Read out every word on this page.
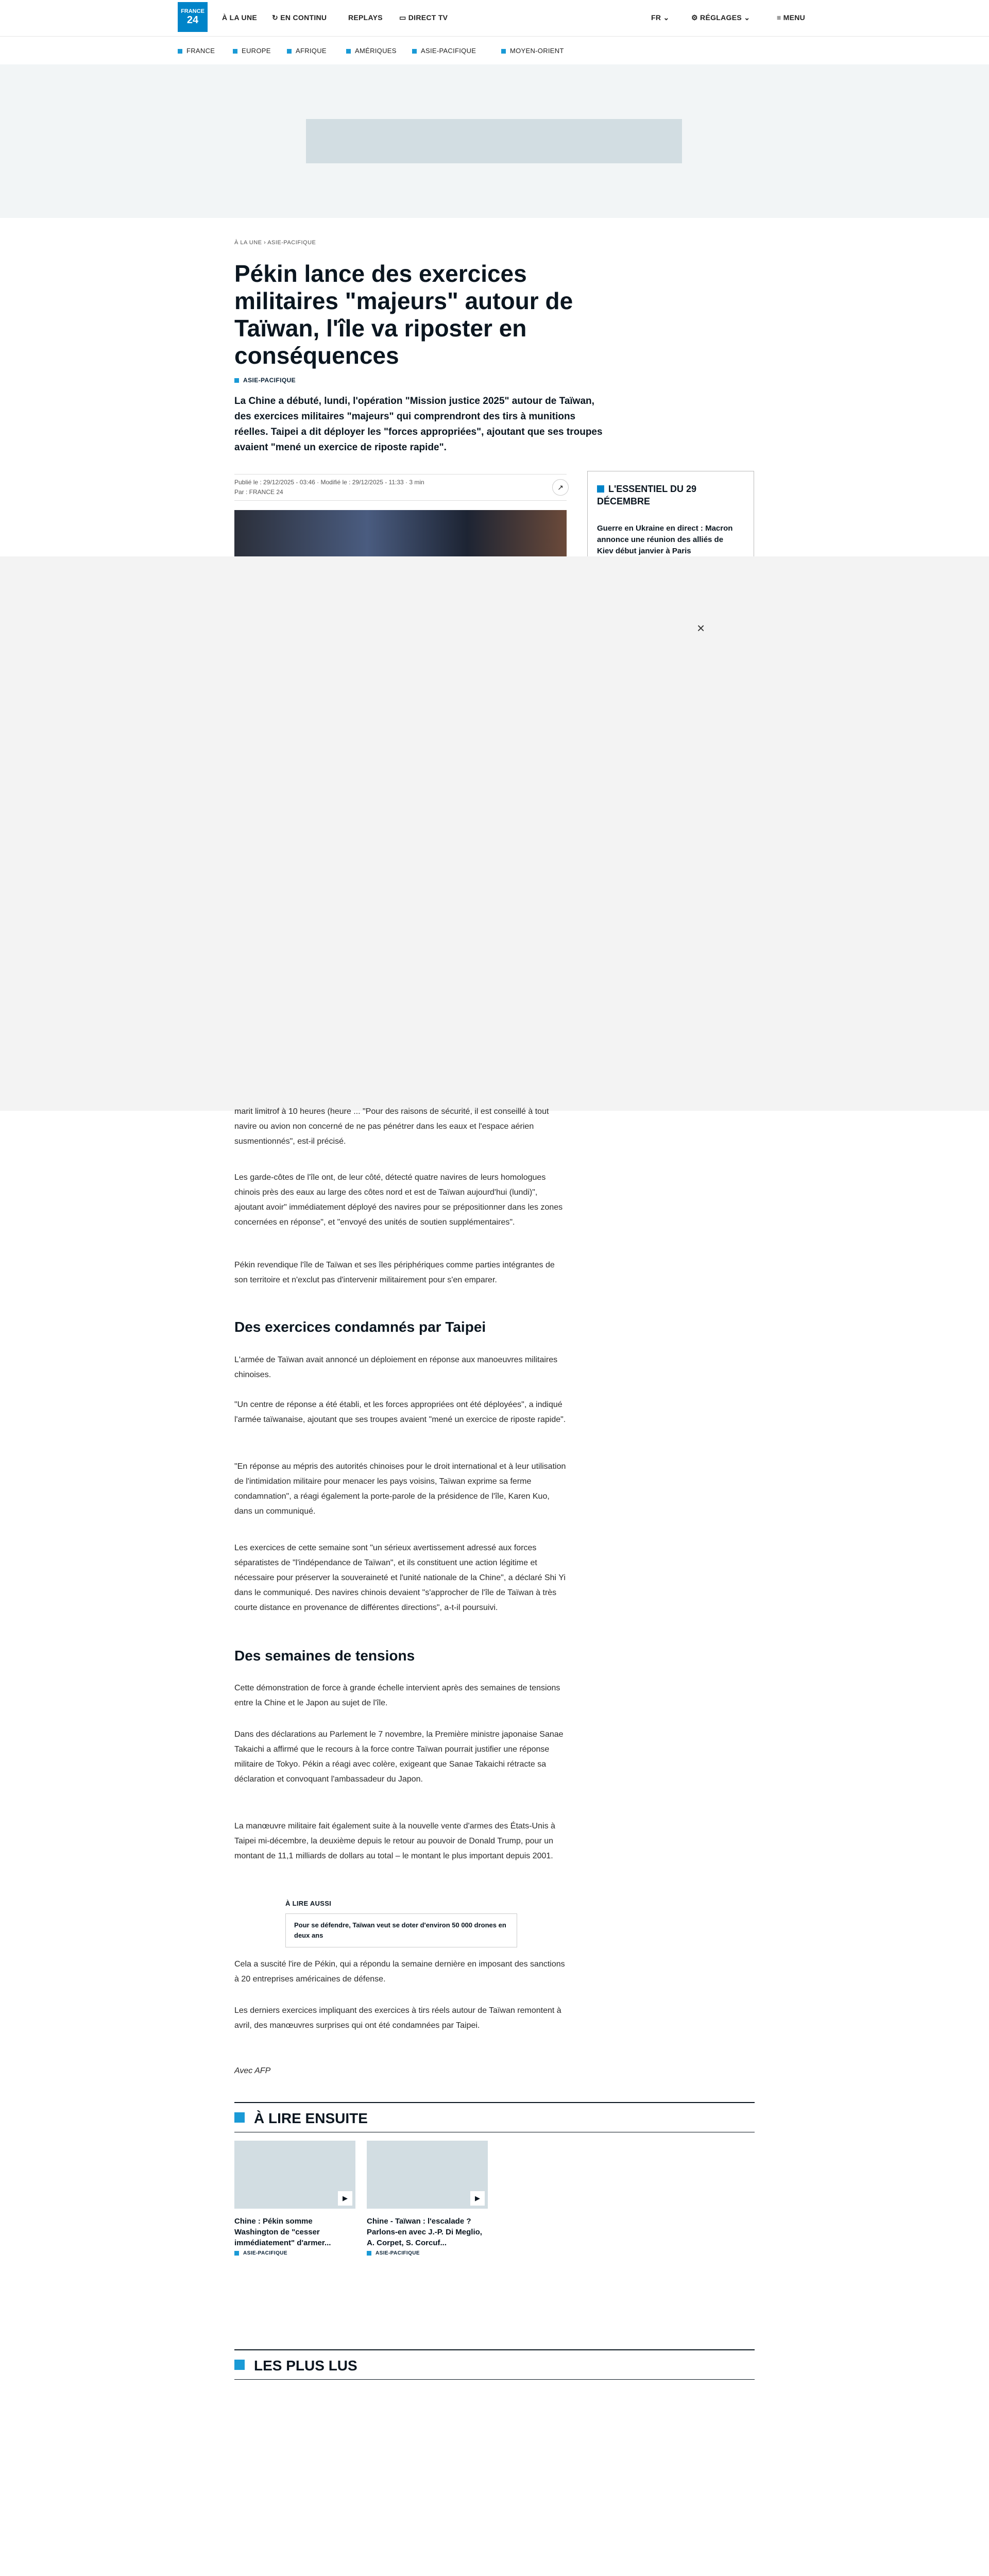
FRANCE
24	À LA UNE ↻ EN CONTINU	REPLAYS ▭ DIRECT TV	FR ⌄	⚙ RÉGLAGES ⌄	≡ MENU
FRANCE	EUROPE	AFRIQUE	AMÉRIQUES	ASIE-PACIFIQUE	MOYEN-ORIENT
À LA UNE › ASIE-PACIFIQUE
Pékin lance des exercices militaires "majeurs" autour de Taïwan, l'île va riposter en conséquences
ASIE-PACIFIQUE

La Chine a débuté, lundi, l'opération "Mission justice 2025" autour de Taïwan, des exercices militaires "majeurs" qui comprendront des tirs à munitions réelles. Taipei a dit déployer les "forces appropriées", ajoutant que ses troupes avaient "mené un exercice de riposte rapide".

Publié le : 29/12/2025 - 03:46 · Modifié le : 29/12/2025 - 11:33 · 3 min
Par : FRANCE 24
↗	L'ESSENTIEL DU 29 DÉCEMBRE
Guerre en Ukraine en direct : Macron annonce une réunion des alliés de Kiev début janvier à Paris
×

marit limitrof à 10 heures (heure ... "Pour des raisons de sécurité, il est conseillé à tout navire ou avion non concerné de ne pas pénétrer dans les eaux et l'espace aérien susmentionnés", est-il précisé.

Les garde-côtes de l'île ont, de leur côté, détecté quatre navires de leurs homologues chinois près des eaux au large des côtes nord et est de Taïwan aujourd'hui (lundi)", ajoutant avoir" immédiatement déployé des navires pour se prépositionner dans les zones concernées en réponse", et "envoyé des unités de soutien supplémentaires".

Pékin revendique l'île de Taïwan et ses îles périphériques comme parties intégrantes de son territoire et n'exclut pas d'intervenir militairement pour s'en emparer.

Des exercices condamnés par Taipei

L'armée de Taïwan avait annoncé un déploiement en réponse aux manoeuvres militaires chinoises.

"Un centre de réponse a été établi, et les forces appropriées ont été déployées", a indiqué l'armée taïwanaise, ajoutant que ses troupes avaient "mené un exercice de riposte rapide".

"En réponse au mépris des autorités chinoises pour le droit international et à leur utilisation de l'intimidation militaire pour menacer les pays voisins, Taïwan exprime sa ferme condamnation", a réagi également la porte-parole de la présidence de l'île, Karen Kuo, dans un communiqué.

Les exercices de cette semaine sont "un sérieux avertissement adressé aux forces séparatistes de "l'indépendance de Taïwan", et ils constituent une action légitime et nécessaire pour préserver la souveraineté et l'unité nationale de la Chine", a déclaré Shi Yi dans le communiqué. Des navires chinois devaient "s'approcher de l'île de Taïwan à très courte distance en provenance de différentes directions", a-t-il poursuivi.

Des semaines de tensions

Cette démonstration de force à grande échelle intervient après des semaines de tensions entre la Chine et le Japon au sujet de l'île.

Dans des déclarations au Parlement le 7 novembre, la Première ministre japonaise Sanae Takaichi a affirmé que le recours à la force contre Taïwan pourrait justifier une réponse militaire de Tokyo. Pékin a réagi avec colère, exigeant que Sanae Takaichi rétracte sa déclaration et convoquant l'ambassadeur du Japon.

La manœuvre militaire fait également suite à la nouvelle vente d'armes des États-Unis à Taipei mi-décembre, la deuxième depuis le retour au pouvoir de Donald Trump, pour un montant de 11,1 milliards de dollars au total – le montant le plus important depuis 2001.

À LIRE AUSSI
Pour se défendre, Taïwan veut se doter d'environ 50 000 drones en deux ans

Cela a suscité l'ire de Pékin, qui a répondu la semaine dernière en imposant des sanctions à 20 entreprises américaines de défense.

Les derniers exercices impliquant des exercices à tirs réels autour de Taïwan remontent à avril, des manœuvres surprises qui ont été condamnées par Taipei.

Avec AFP

À LIRE ENSUITE
▶
Chine : Pékin somme Washington de "cesser immédiatement" d'armer...
ASIE-PACIFIQUE
▶
Chine - Taïwan : l'escalade ? Parlons-en avec J.-P. Di Meglio, A. Corpet, S. Corcuf...
ASIE-PACIFIQUE
LES PLUS LUS
